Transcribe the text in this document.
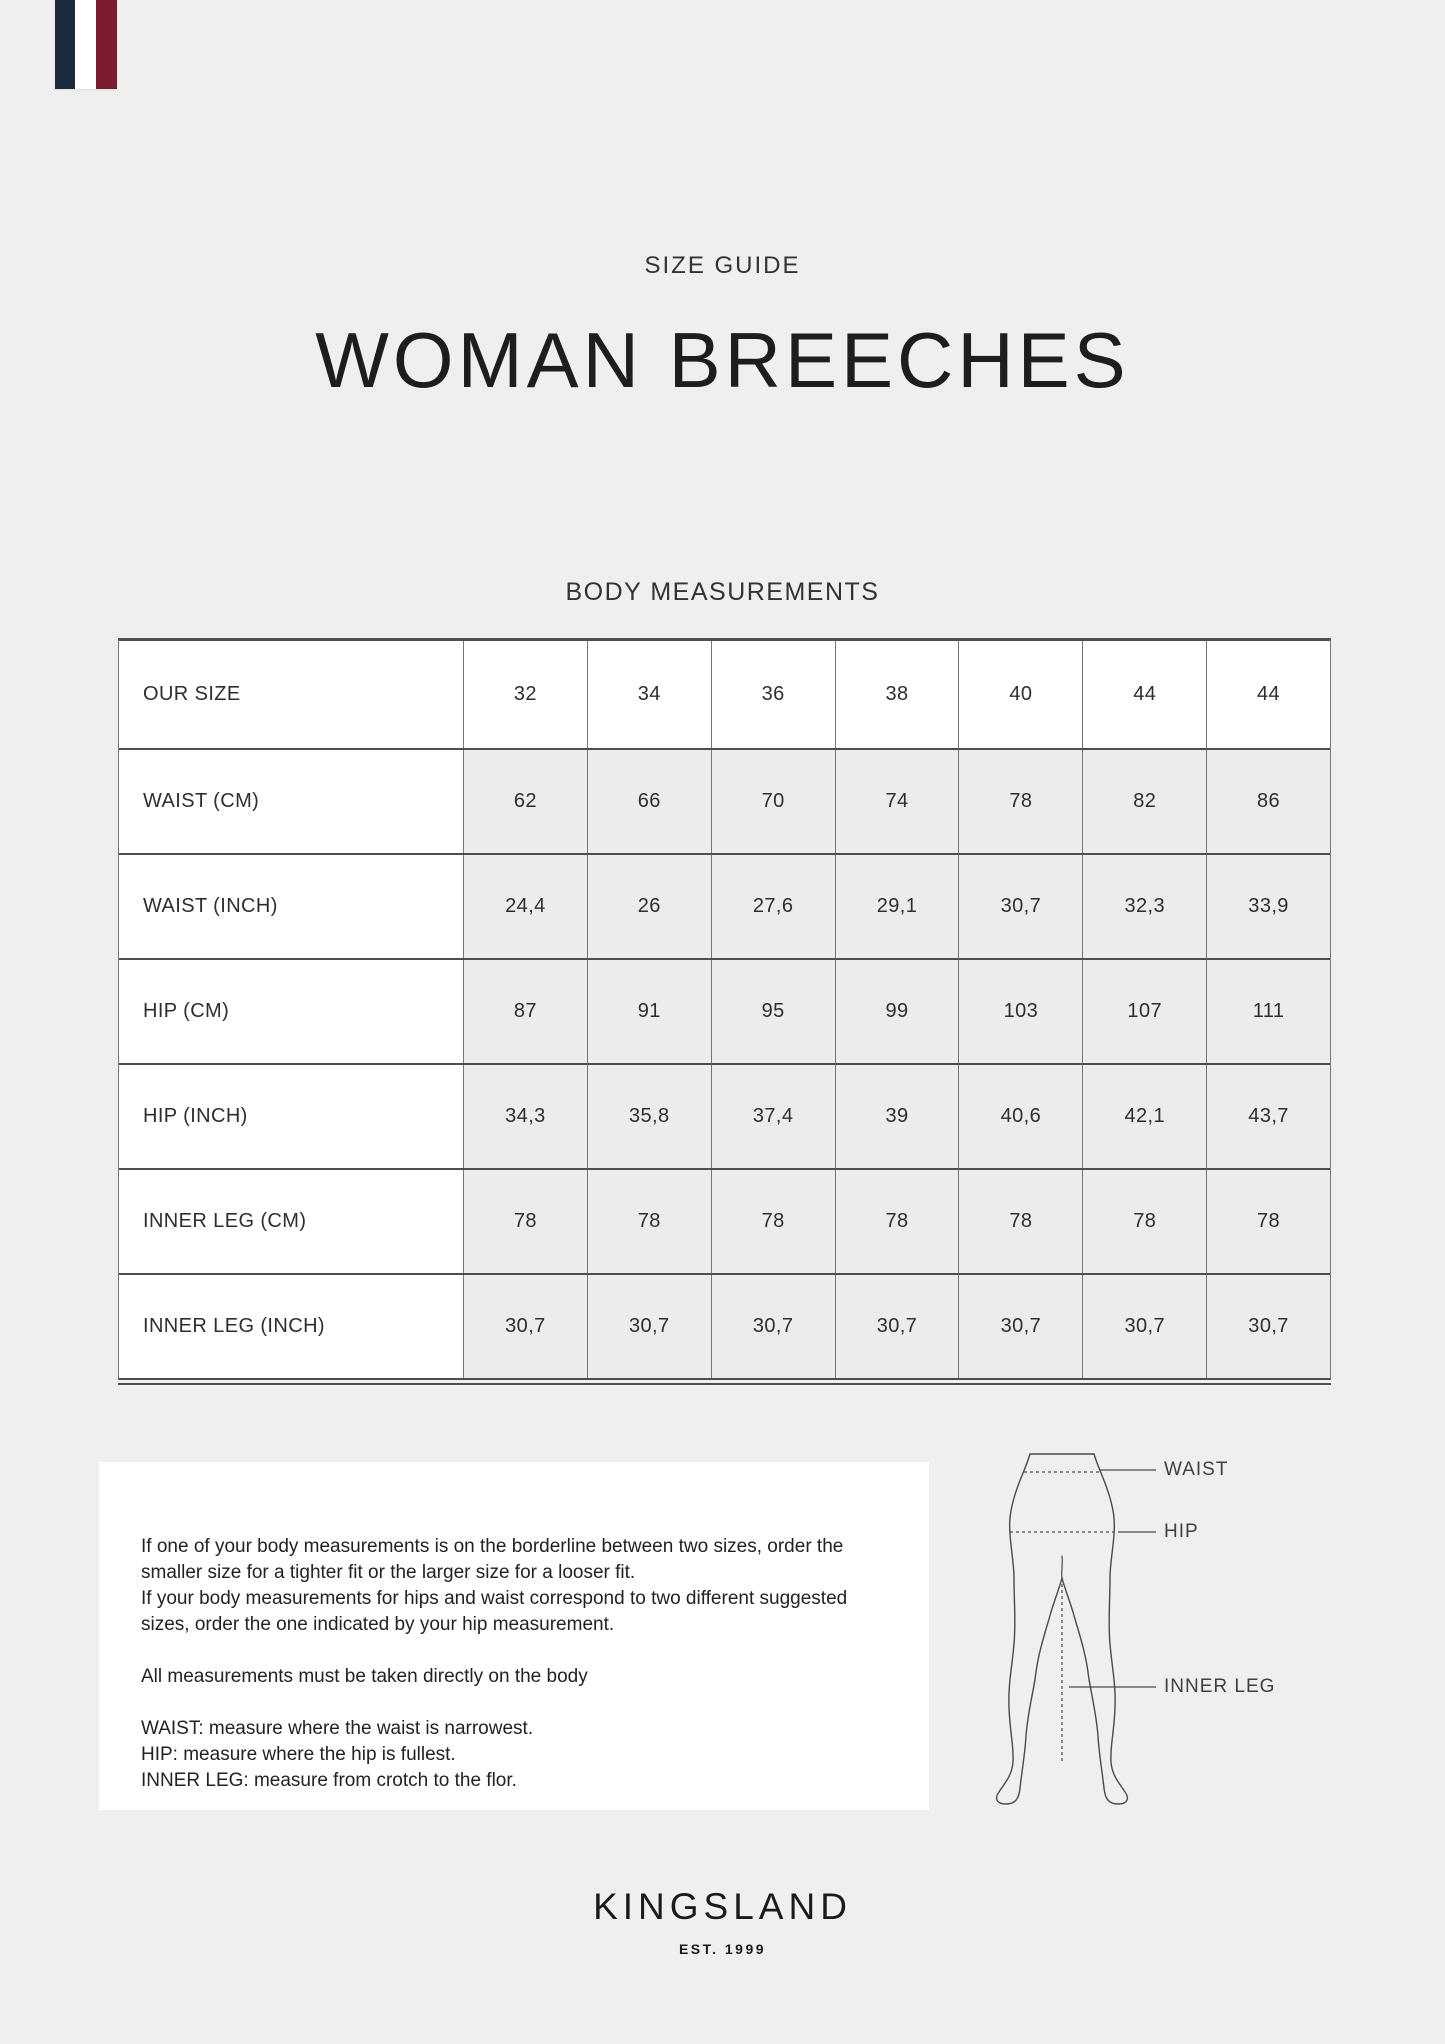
SIZE GUIDE
WOMAN BREECHES
BODY MEASUREMENTS
OUR SIZE	32	34	36	38	40	44	44
WAIST (CM)	62	66	70	74	78	82	86
WAIST (INCH)	24,4	26	27,6	29,1	30,7	32,3	33,9
HIP (CM)	87	91	95	99	103	107	111
HIP (INCH)	34,3	35,8	37,4	39	40,6	42,1	43,7
INNER LEG (CM)	78	78	78	78	78	78	78
INNER LEG (INCH)	30,7	30,7	30,7	30,7	30,7	30,7	30,7

If one of your body measurements is on the borderline between two sizes, order the smaller size for a tighter fit or the larger size for a looser fit.

If your body measurements for hips and waist correspond to two different suggested sizes, order the one indicated by your hip measurement.

All measurements must be taken directly on the body

WAIST: measure where the waist is narrowest.

HIP: measure where the hip is fullest.

INNER LEG: measure from crotch to the flor.

WAIST
HIP
INNER LEG
KINGSLAND
EST. 1999
